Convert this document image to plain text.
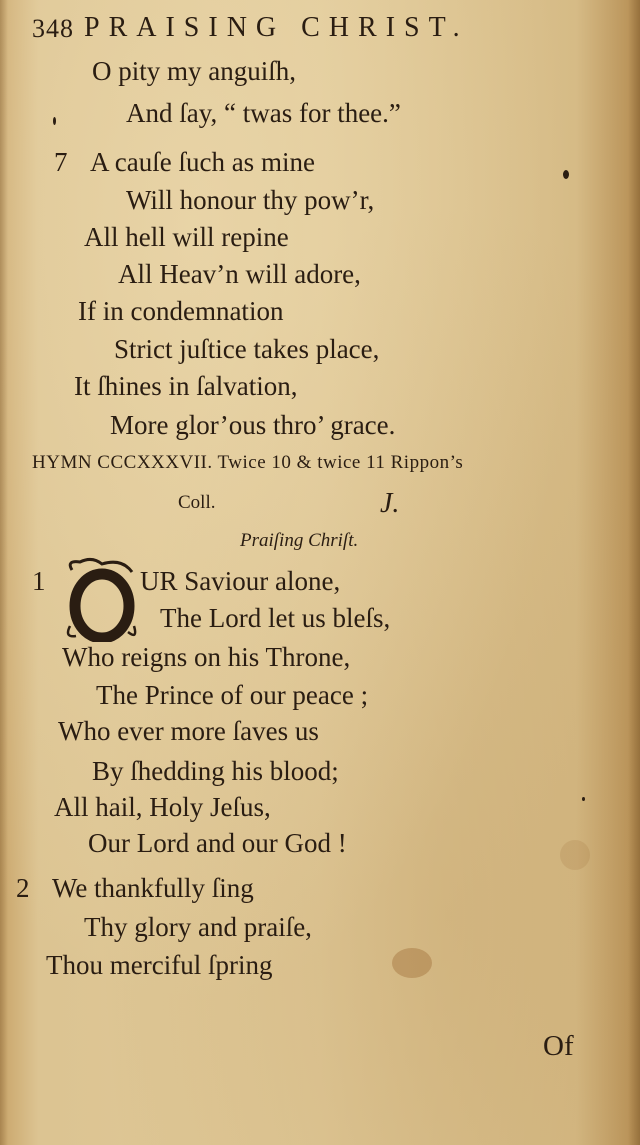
348 PRAISING CHRIST.
O pity my anguiſh,
And ſay, “ twas for thee.”
7 A cauſe ſuch as mine
Will honour thy pow’r,
All hell will repine
All Heav’n will adore,
If in condemnation
Strict juſtice takes place,
It ſhines in ſalvation,
More glor’ous thro’ grace.
HYMN CCCXXXVII. Twice 10 & twice 11 Rippon’s
Coll.	J.
Praiſing Chriſt.
1	UR Saviour alone,
The Lord let us bleſs,
Who reigns on his Throne,
The Prince of our peace ;
Who ever more ſaves us
By ſhedding his blood;
All hail, Holy Jeſus,
Our Lord and our God !
2 We thankfully ſing
Thy glory and praiſe,
Thou merciful ſpring
Of
